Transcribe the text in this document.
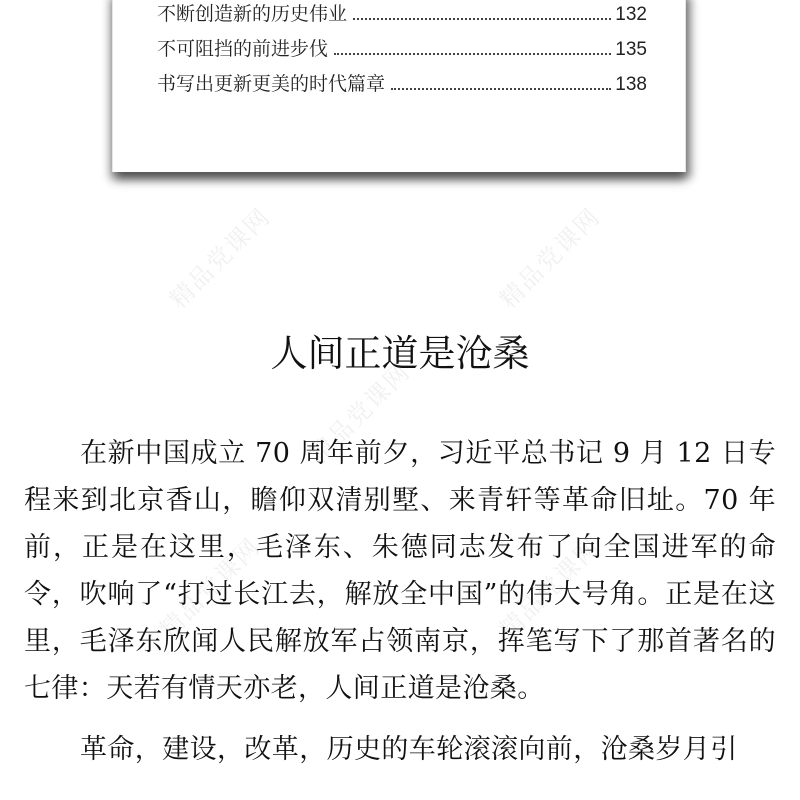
不断创造新的历史伟业	132
不可阻挡的前进步伐	135
书写出更新更美的时代篇章	138
精品党课网	精品党课网
精品党课网
精品党课网	精品党课网
人间正道是沧桑

在新中国成立 70 周年前夕，习近平总书记 9 月 12 日专程来到北京香山，瞻仰双清别墅、来青轩等革命旧址。70 年前，正是在这里，毛泽东、朱德同志发布了向全国进军的命令，吹响了“打过长江去，解放全中国”的伟大号角。正是在这里，毛泽东欣闻人民解放军占领南京，挥笔写下了那首著名的七律：天若有情天亦老，人间正道是沧桑。

革命，建设，改革，历史的车轮滚滚向前，沧桑岁月引
